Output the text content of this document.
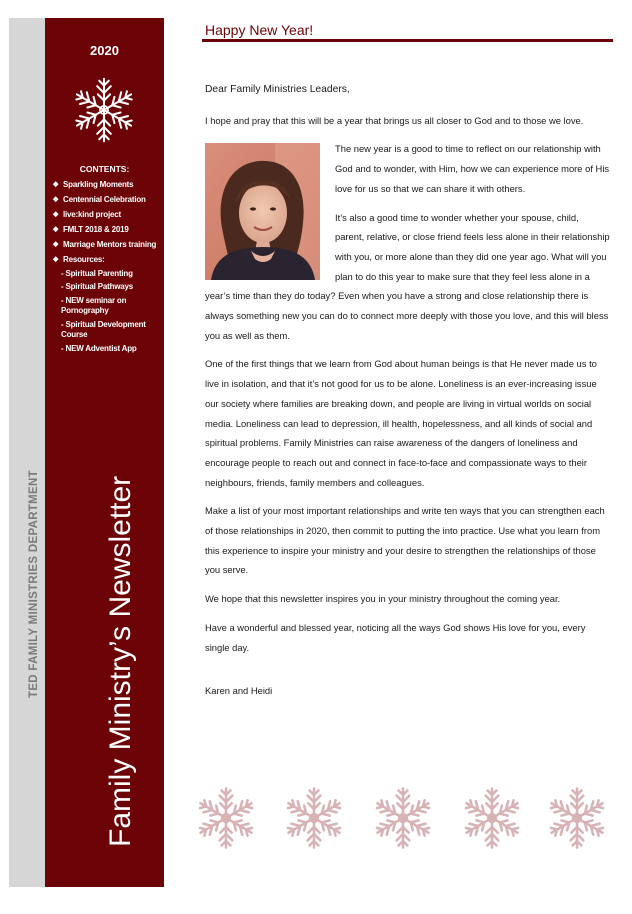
TED FAMILY MINISTRIES DEPARTMENT
2020
CONTENTS:
◆ Sparkling Moments
◆ Centennial Celebration
◆ live:kind project
◆ FMLT 2018 & 2019
◆ Marriage Mentors training
◆ Resources:
- Spiritual Parenting
- Spiritual Pathways
- NEW seminar on Pornography
- Spiritual Development Course
- NEW Adventist App
Family Ministry’s Newsletter
Happy New Year!

Dear Family Ministries Leaders,

I hope and pray that this will be a year that brings us all closer to God and to those we love.

The new year is a good to time to reflect on our relationship with God and to wonder, with Him, how we can experience more of His love for us so that we can share it with others.

It’s also a good time to wonder whether your spouse, child, parent, relative, or close friend feels less alone in their relationship with you, or more alone than they did one year ago. What will you plan to do this year to make sure that they feel less alone in a year’s time than they do today? Even when you have a strong and close relationship there is always something new you can do to connect more deeply with those you love, and this will bless you as well as them.

One of the first things that we learn from God about human beings is that He never made us to live in isolation, and that it’s not good for us to be alone. Loneliness is an ever-increasing issue our society where families are breaking down, and people are living in virtual worlds on social media. Loneliness can lead to depression, ill health, hopelessness, and all kinds of social and spiritual problems. Family Ministries can raise awareness of the dangers of loneliness and encourage people to reach out and connect in face-to-face and compassionate ways to their neighbours, friends, family members and colleagues.

Make a list of your most important relationships and write ten ways that you can strengthen each of those relationships in 2020, then commit to putting the into practice. Use what you learn from this experience to inspire your ministry and your desire to strengthen the relationships of those you serve.

We hope that this newsletter inspires you in your ministry throughout the coming year.

Have a wonderful and blessed year, noticing all the ways God shows His love for you, every single day.

Karen and Heidi
